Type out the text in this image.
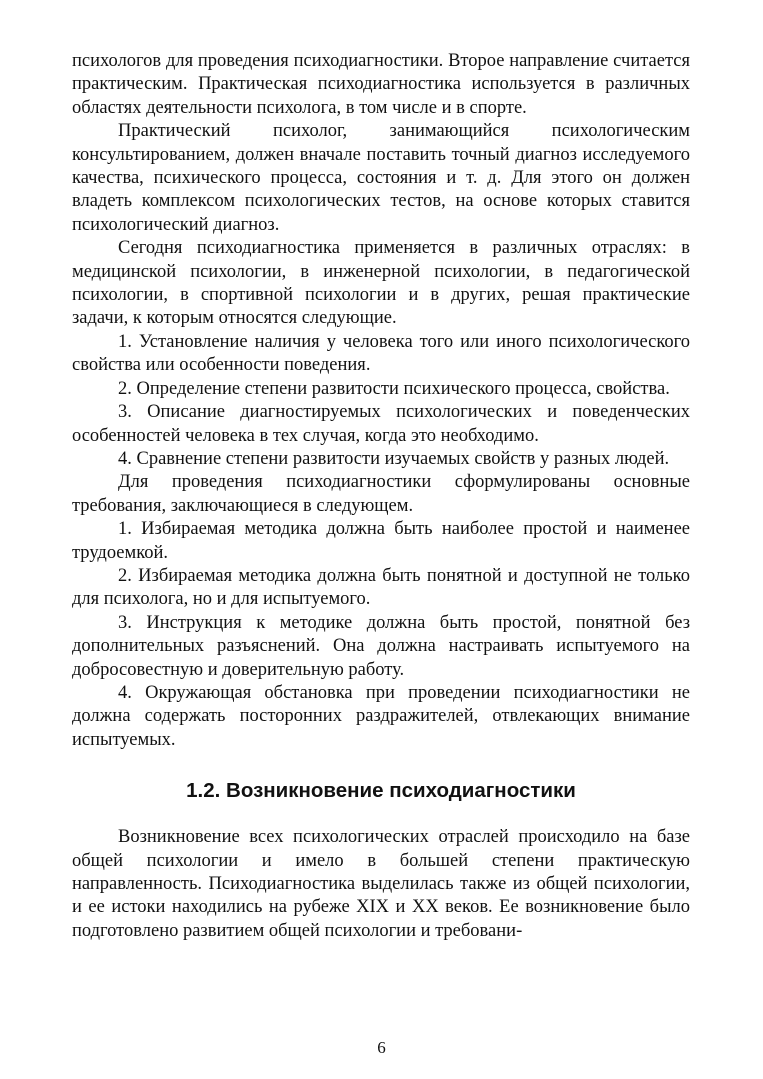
психологов для проведения психодиагностики. Второе направление считается практическим. Практическая психодиагностика используется в различных областях деятельности психолога, в том числе и в спорте.

Практический психолог, занимающийся психологическим консультированием, должен вначале поставить точный диагноз исследуемого качества, психического процесса, состояния и т. д. Для этого он должен владеть комплексом психологических тестов, на основе которых ставится психологический диагноз.

Сегодня психодиагностика применяется в различных отраслях: в медицинской психологии, в инженерной психологии, в педагогической психологии, в спортивной психологии и в других, решая практические задачи, к которым относятся следующие.

1. Установление наличия у человека того или иного психологического свойства или особенности поведения.

2. Определение степени развитости психического процесса, свойства.

3. Описание диагностируемых психологических и поведенческих особенностей человека в тех случая, когда это необходимо.

4. Сравнение степени развитости изучаемых свойств у разных людей.

Для проведения психодиагностики сформулированы основные требования, заключающиеся в следующем.

1. Избираемая методика должна быть наиболее простой и наименее трудоемкой.

2. Избираемая методика должна быть понятной и доступной не только для психолога, но и для испытуемого.

3. Инструкция к методике должна быть простой, понятной без дополнительных разъяснений. Она должна настраивать испытуемого на добросовестную и доверительную работу.

4. Окружающая обстановка при проведении психодиагностики не должна содержать посторонних раздражителей, отвлекающих внимание испытуемых.

1.2. Возникновение психодиагностики

Возникновение всех психологических отраслей происходило на базе общей психологии и имело в большей степени практическую направленность. Психодиагностика выделилась также из общей психологии, и ее истоки находились на рубеже XIX и XX веков. Ее возникновение было подготовлено развитием общей психологии и требовани-

6
